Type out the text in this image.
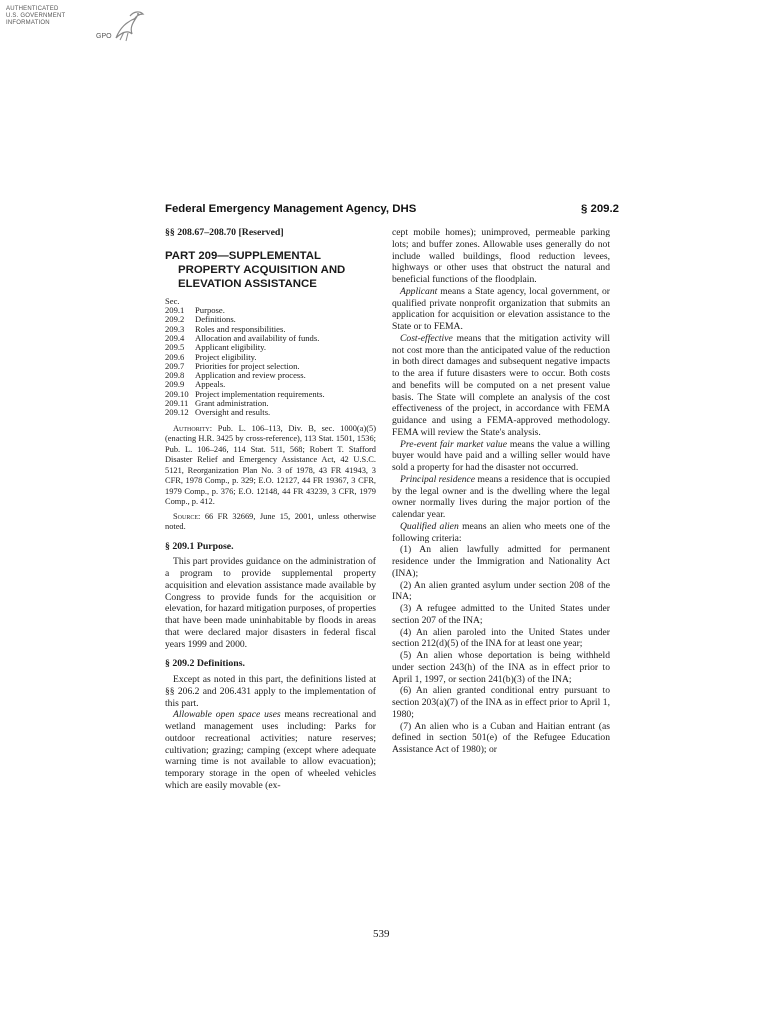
AUTHENTICATED
U.S. GOVERNMENT
INFORMATION
GPO
Federal Emergency Management Agency, DHS	§ 209.2

§§ 208.67–208.70 [Reserved]

PART 209—SUPPLEMENTAL PROPERTY ACQUISITION AND ELEVATION ASSISTANCE

Sec.
209.1	Purpose.
209.2	Definitions.
209.3	Roles and responsibilities.
209.4	Allocation and availability of funds.
209.5	Applicant eligibility.
209.6	Project eligibility.
209.7	Priorities for project selection.
209.8	Application and review process.
209.9	Appeals.
209.10 Project implementation requirements.
209.11 Grant administration.
209.12 Oversight and results.

Authority: Pub. L. 106–113, Div. B, sec. 1000(a)(5) (enacting H.R. 3425 by cross-reference), 113 Stat. 1501, 1536; Pub. L. 106–246, 114 Stat. 511, 568; Robert T. Stafford Disaster Relief and Emergency Assistance Act, 42 U.S.C. 5121, Reorganization Plan No. 3 of 1978, 43 FR 41943, 3 CFR, 1978 Comp., p. 329; E.O. 12127, 44 FR 19367, 3 CFR, 1979 Comp., p. 376; E.O. 12148, 44 FR 43239, 3 CFR, 1979 Comp., p. 412.

Source: 66 FR 32669, June 15, 2001, unless otherwise noted.

§ 209.1 Purpose.

This part provides guidance on the administration of a program to provide supplemental property acquisition and elevation assistance made available by Congress to provide funds for the acquisition or elevation, for hazard mitigation purposes, of properties that have been made uninhabitable by floods in areas that were declared major disasters in federal fiscal years 1999 and 2000.

§ 209.2 Definitions.

Except as noted in this part, the definitions listed at §§ 206.2 and 206.431 apply to the implementation of this part.

Allowable open space uses means recreational and wetland management uses including: Parks for outdoor recreational activities; nature reserves; cultivation; grazing; camping (except where adequate warning time is not available to allow evacuation); temporary storage in the open of wheeled vehicles which are easily movable (ex-

cept mobile homes); unimproved, permeable parking lots; and buffer zones. Allowable uses generally do not include walled buildings, flood reduction levees, highways or other uses that obstruct the natural and beneficial functions of the floodplain.

Applicant means a State agency, local government, or qualified private nonprofit organization that submits an application for acquisition or elevation assistance to the State or to FEMA.

Cost-effective means that the mitigation activity will not cost more than the anticipated value of the reduction in both direct damages and subsequent negative impacts to the area if future disasters were to occur. Both costs and benefits will be computed on a net present value basis. The State will complete an analysis of the cost effectiveness of the project, in accordance with FEMA guidance and using a FEMA-approved methodology. FEMA will review the State's analysis.

Pre-event fair market value means the value a willing buyer would have paid and a willing seller would have sold a property for had the disaster not occurred.

Principal residence means a residence that is occupied by the legal owner and is the dwelling where the legal owner normally lives during the major portion of the calendar year.

Qualified alien means an alien who meets one of the following criteria:

(1) An alien lawfully admitted for permanent residence under the Immigration and Nationality Act (INA);

(2) An alien granted asylum under section 208 of the INA;

(3) A refugee admitted to the United States under section 207 of the INA;

(4) An alien paroled into the United States under section 212(d)(5) of the INA for at least one year;

(5) An alien whose deportation is being withheld under section 243(h) of the INA as in effect prior to April 1, 1997, or section 241(b)(3) of the INA;

(6) An alien granted conditional entry pursuant to section 203(a)(7) of the INA as in effect prior to April 1, 1980;

(7) An alien who is a Cuban and Haitian entrant (as defined in section 501(e) of the Refugee Education Assistance Act of 1980); or

539
